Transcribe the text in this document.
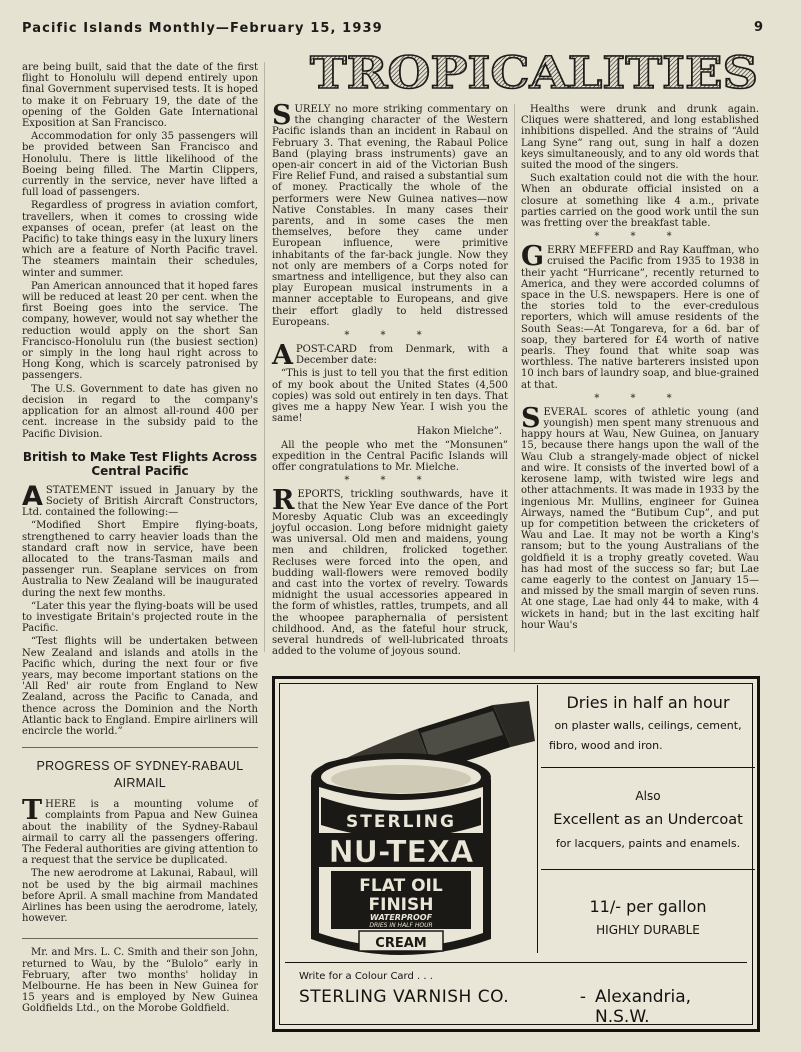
Pacific Islands Monthly—February 15, 1939	9
TROPICALITIES

are being built, said that the date of the first flight to Honolulu will depend entirely upon final Government supervised tests. It is hoped to make it on February 19, the date of the opening of the Golden Gate International Exposition at San Francisco.

Accommodation for only 35 passengers will be provided between San Francisco and Honolulu. There is little likelihood of the Boeing being filled. The Martin Clippers, currently in the service, never have lifted a full load of passengers.

Regardless of progress in aviation comfort, travellers, when it comes to crossing wide expanses of ocean, prefer (at least on the Pacific) to take things easy in the luxury liners which are a feature of North Pacific travel. The steamers maintain their schedules, winter and summer.

Pan American announced that it hoped fares will be reduced at least 20 per cent. when the first Boeing goes into the service. The company, however, would not say whether the reduction would apply on the short San Francisco-Honolulu run (the busiest section) or simply in the long haul right across to Hong Kong, which is scarcely patronised by passengers.

The U.S. Government to date has given no decision in regard to the company's application for an almost all-round 400 per cent. increase in the subsidy paid to the Pacific Division.

British to Make Test Flights Across Central Pacific

ASTATEMENT issued in January by the Society of British Aircraft Constructors, Ltd. contained the following:—

“Modified Short Empire flying-boats, strengthened to carry heavier loads than the standard craft now in service, have been allocated to the trans-Tasman mails and passenger run. Seaplane services on from Australia to New Zealand will be inaugurated during the next few months.

“Later this year the flying-boats will be used to investigate Britain's projected route in the Pacific.

“Test flights will be undertaken between New Zealand and islands and atolls in the Pacific which, during the next four or five years, may become important stations on the 'All Red' air route from England to New Zealand, across the Pacific to Canada, and thence across the Dominion and the North Atlantic back to England. Empire airliners will encircle the world.”

PROGRESS OF SYDNEY-RABAUL AIRMAIL

THERE is a mounting volume of complaints from Papua and New Guinea about the inability of the Sydney-Rabaul airmail to carry all the passengers offering. The Federal authorities are giving attention to a request that the service be duplicated.

The new aerodrome at Lakunai, Rabaul, will not be used by the big airmail machines before April. A small machine from Mandated Airlines has been using the aerodrome, lately, however.

Mr. and Mrs. L. C. Smith and their son John, returned to Wau, by the “Bulolo” early in February, after two months' holiday in Melbourne. He has been in New Guinea for 15 years and is employed by New Guinea Goldfields Ltd., on the Morobe Goldfield.

SURELY no more striking commentary on the changing character of the Western Pacific islands than an incident in Rabaul on February 3. That evening, the Rabaul Police Band (playing brass instruments) gave an open-air concert in aid of the Victorian Bush Fire Relief Fund, and raised a substantial sum of money. Practically the whole of the performers were New Guinea natives—now Native Constables. In many cases their parents, and in some cases the men themselves, before they came under European influence, were primitive inhabitants of the far-back jungle. Now they not only are members of a Corps noted for smartness and intelligence, but they also can play European musical instruments in a manner acceptable to Europeans, and give their effort gladly to held distressed Europeans.

* * *

APOST-CARD from Denmark, with a December date:

“This is just to tell you that the first edition of my book about the United States (4,500 copies) was sold out entirely in ten days. That gives me a happy New Year. I wish you the same!

Hakon Mielche”.

All the people who met the “Monsunen” expedition in the Central Pacific Islands will offer congratulations to Mr. Mielche.

* * *

REPORTS, trickling southwards, have it that the New Year Eve dance of the Port Moresby Aquatic Club was an exceedingly joyful occasion. Long before midnight gaiety was universal. Old men and maidens, young men and children, frolicked together. Recluses were forced into the open, and budding wall-flowers were removed bodily and cast into the vortex of revelry. Towards midnight the usual accessories appeared in the form of whistles, rattles, trumpets, and all the whoopee paraphernalia of persistent childhood. And, as the fateful hour struck, several hundreds of well-lubricated throats added to the volume of joyous sound.

Healths were drunk and drunk again. Cliques were shattered, and long established inhibitions dispelled. And the strains of “Auld Lang Syne” rang out, sung in half a dozen keys simultaneously, and to any old words that suited the mood of the singers.

Such exaltation could not die with the hour. When an obdurate official insisted on a closure at something like 4 a.m., private parties carried on the good work until the sun was fretting over the breakfast table.

* * *

GERRY MEFFERD and Ray Kauffman, who cruised the Pacific from 1935 to 1938 in their yacht “Hurricane”, recently returned to America, and they were accorded columns of space in the U.S. newspapers. Here is one of the stories told to the ever-credulous reporters, which will amuse residents of the South Seas:—At Tongareva, for a 6d. bar of soap, they bartered for £4 worth of native pearls. They found that white soap was worthless. The native barterers insisted upon 10 inch bars of laundry soap, and blue-grained at that.

* * *

SEVERAL scores of athletic young (and youngish) men spent many strenuous and happy hours at Wau, New Guinea, on January 15, because there hangs upon the wall of the Wau Club a strangely-made object of nickel and wire. It consists of the inverted bowl of a kerosene lamp, with twisted wire legs and other attachments. It was made in 1933 by the ingenious Mr. Mullins, engineer for Guinea Airways, named the “Butibum Cup”, and put up for competition between the cricketers of Wau and Lae. It may not be worth a King's ransom; but to the young Australians of the goldfield it is a trophy greatly coveted. Wau has had most of the success so far; but Lae came eagerly to the contest on January 15—and missed by the small margin of seven runs. At one stage, Lae had only 44 to make, with 4 wickets in hand; but in the last exciting half hour Wau's

STERLING
NU-TEXA
FLAT OIL
FINISH
WATERPROOF
DRIES IN HALF HOUR
CREAM
Dries in half an hour
on plaster walls, ceilings, cement,
fibro, wood and iron.
Also
Excellent as an Undercoat
for lacquers, paints and enamels.
11/- per gallon
HIGHLY DURABLE
Write for a Colour Card . . .
STERLING VARNISH CO.	- Alexandria, N.S.W.
